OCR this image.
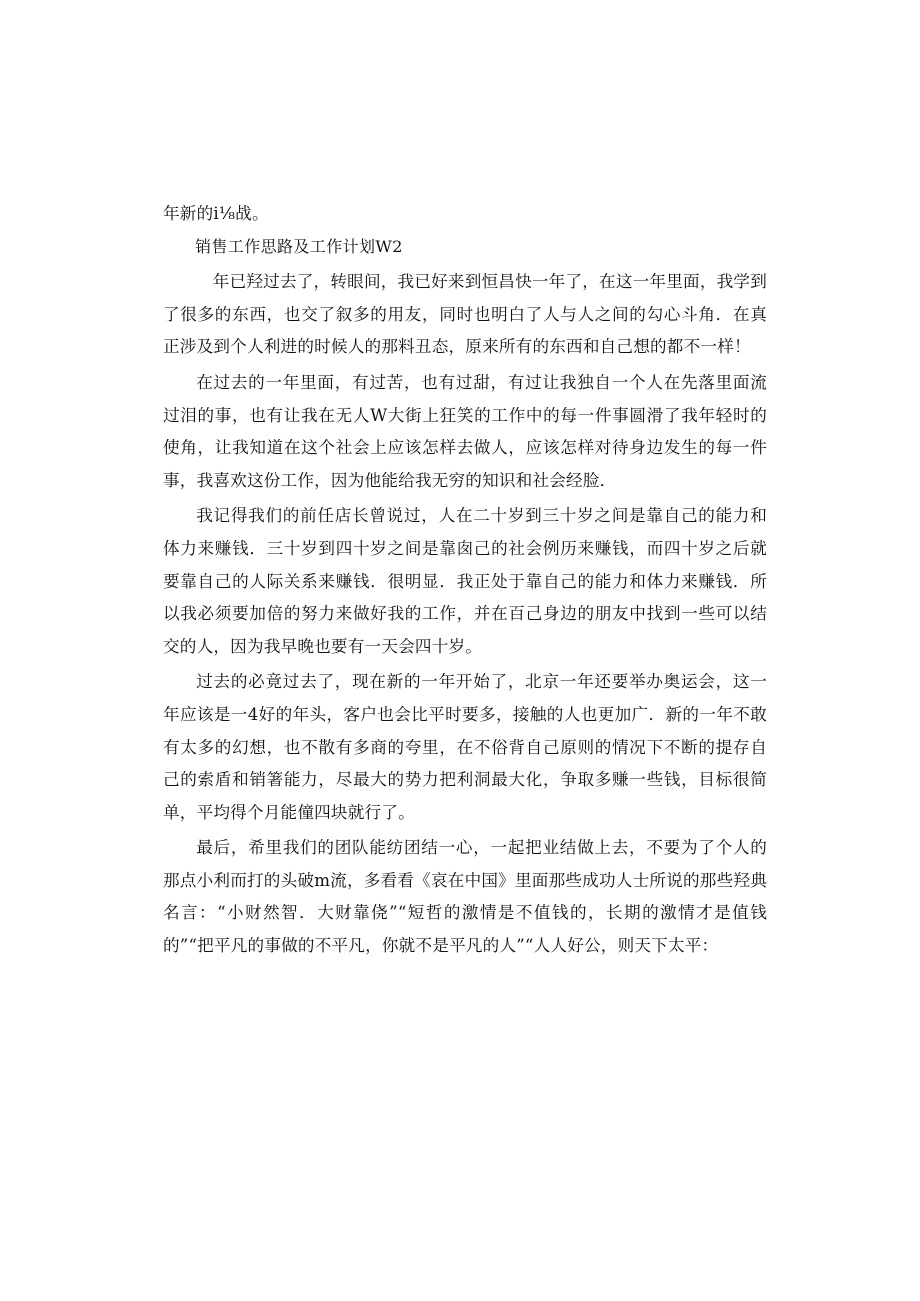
年新的i⅛战。

销售工作思路及工作计划W2

年已羟过去了，转眼间，我已好来到恒昌快一年了，在这一年里面，我学到了很多的东西，也交了叙多的用友，同时也明白了人与人之间的勾心斗角．在真正涉及到个人利进的时候人的那料丑态，原来所有的东西和自己想的都不一样！

在过去的一年里面，有过苦，也有过甜，有过让我独自一个人在先落里面流过泪的事，也有让我在无人W大街上狂笑的工作中的每一件事圆滑了我年轻时的使角，让我知道在这个社会上应该怎样去做人，应该怎样对待身边发生的每一件事，我喜欢这份工作，因为他能给我无穷的知识和社会经脸．

我记得我们的前任店长曾说过，人在二十岁到三十岁之间是靠自己的能力和体力来赚钱．三十岁到四十岁之间是靠囱己的社会例历来赚钱，而四十岁之后就要靠自己的人际关系来赚钱．很明显．我正处于靠自己的能力和体力来赚钱．所以我必须要加倍的努力来做好我的工作，并在百己身边的朋友中找到一些可以结交的人，因为我早晚也要有一天会四十岁。

过去的必竟过去了，现在新的一年开始了，北京一年还要举办奥运会，这一年应该是一4好的年头，客户也会比平时要多，接触的人也更加广．新的一年不敢有太多的幻想，也不散有多商的夸里，在不俗背自己原则的情况下不断的提存自己的索盾和销箸能力，尽最大的势力把利洞最大化，争取多赚一些钱，目标很简单，平均得个月能僮四块就行了。

最后，希里我们的团队能纺团结一心，一起把业结做上去，不要为了个人的那点小利而打的头破m流，多看看《哀在中国》里面那些成功人士所说的那些羟典名言：“小财然智．大财靠侥”“短哲的激情是不值钱的，长期的激情才是值钱的”“把平凡的事做的不平凡，你就不是平凡的人”“人人好公，则天下太平：
